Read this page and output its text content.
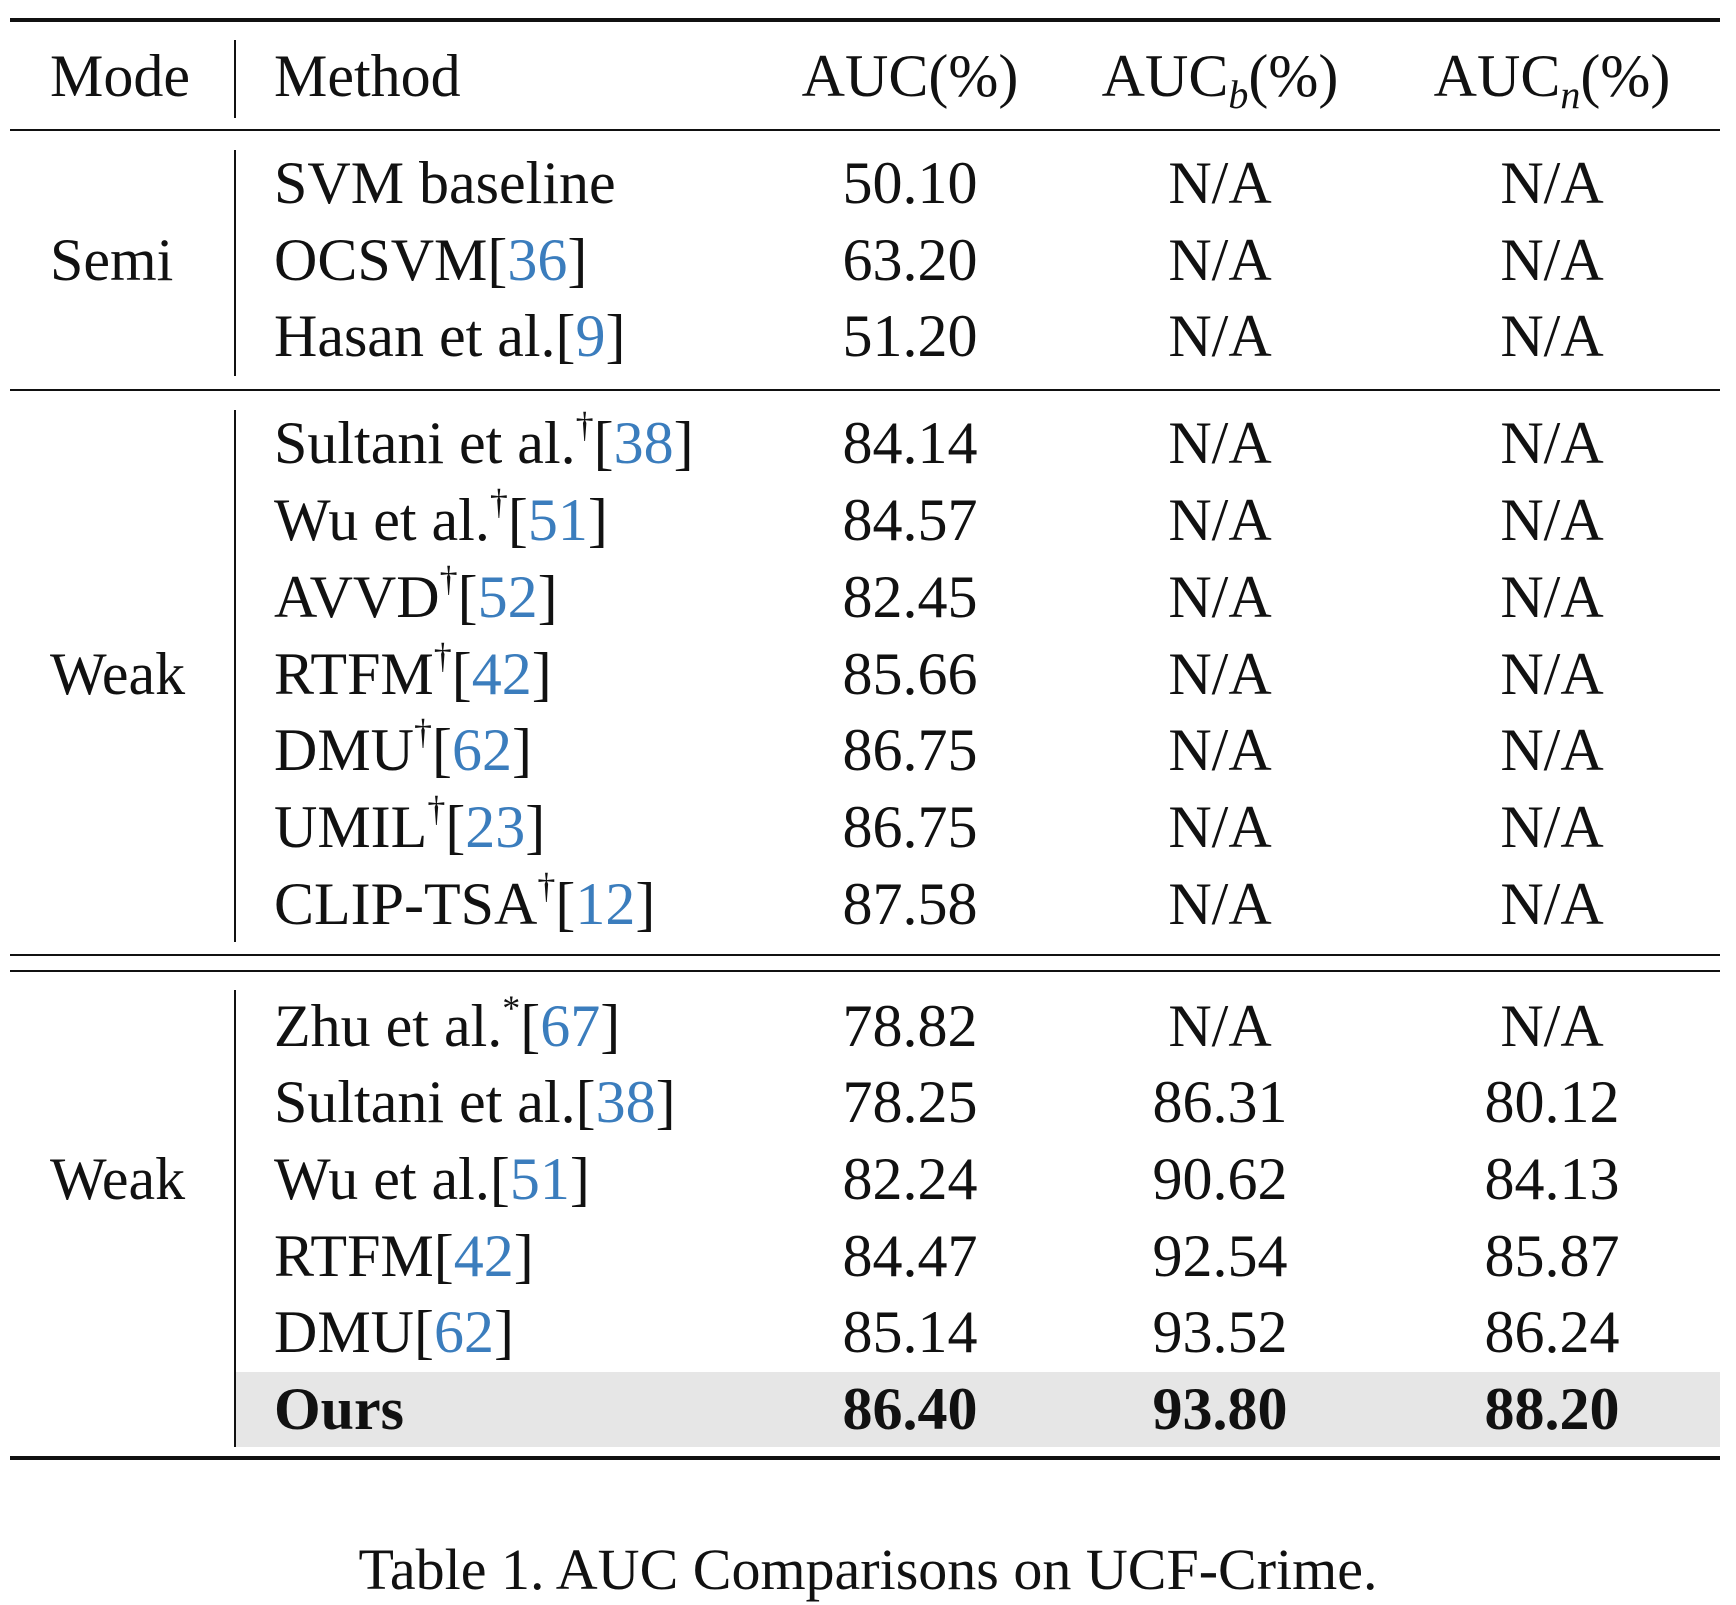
Mode Method	AUC(%)	$AUC_b(\%)$	$AUC_n(\%)$
Semi
SVM baseline	50.10	N/A	N/A
OCSVM[36]	63.20	N/A	N/A
Hasan et al.[9]	51.20	N/A	N/A
Weak
Sultani et al.†[38]	84.14	N/A	N/A
Wu et al.†[51]	84.57	N/A	N/A
AVVD†[52]	82.45	N/A	N/A
RTFM†[42]	85.66	N/A	N/A
DMU†[62]	86.75	N/A	N/A
UMIL†[23]	86.75	N/A	N/A
CLIP-TSA†[12]	87.58	N/A	N/A
Weak
Zhu et al.*[67]	78.82	N/A	N/A
Sultani et al.[38]	78.25	86.31	80.12
Wu et al.[51]	82.24	90.62	84.13
RTFM[42]	84.47	92.54	85.87
DMU[62]	85.14	93.52	86.24
Ours	86.40	93.80	88.20
Table 1. AUC Comparisons on UCF-Crime.
